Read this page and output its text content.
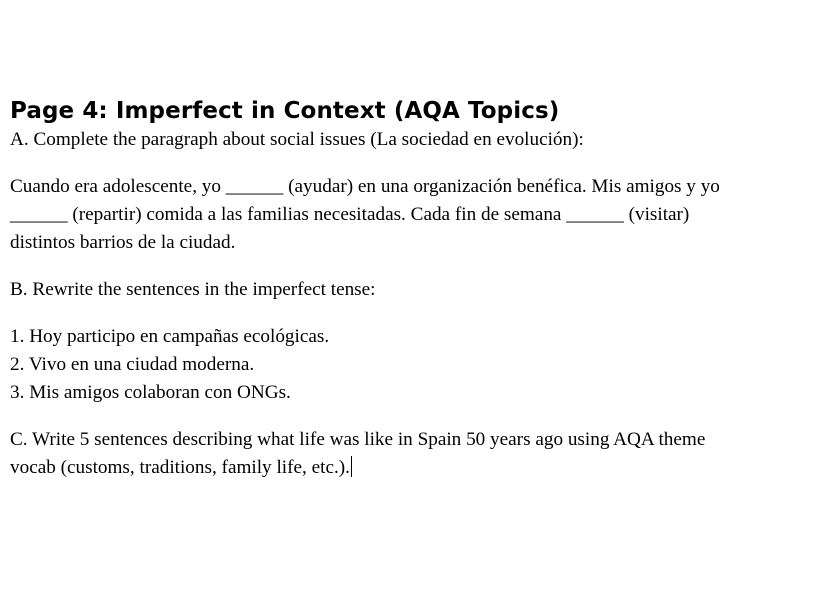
Page 4: Imperfect in Context (AQA Topics)

A. Complete the paragraph about social issues (La sociedad en evolución):

Cuando era adolescente, yo ______ (ayudar) en una organización benéfica. Mis amigos y yo

______ (repartir) comida a las familias necesitadas. Cada fin de semana ______ (visitar)

distintos barrios de la ciudad.

B. Rewrite the sentences in the imperfect tense:

1. Hoy participo en campañas ecológicas.

2. Vivo en una ciudad moderna.

3. Mis amigos colaboran con ONGs.

C. Write 5 sentences describing what life was like in Spain 50 years ago using AQA theme

vocab (customs, traditions, family life, etc.).
